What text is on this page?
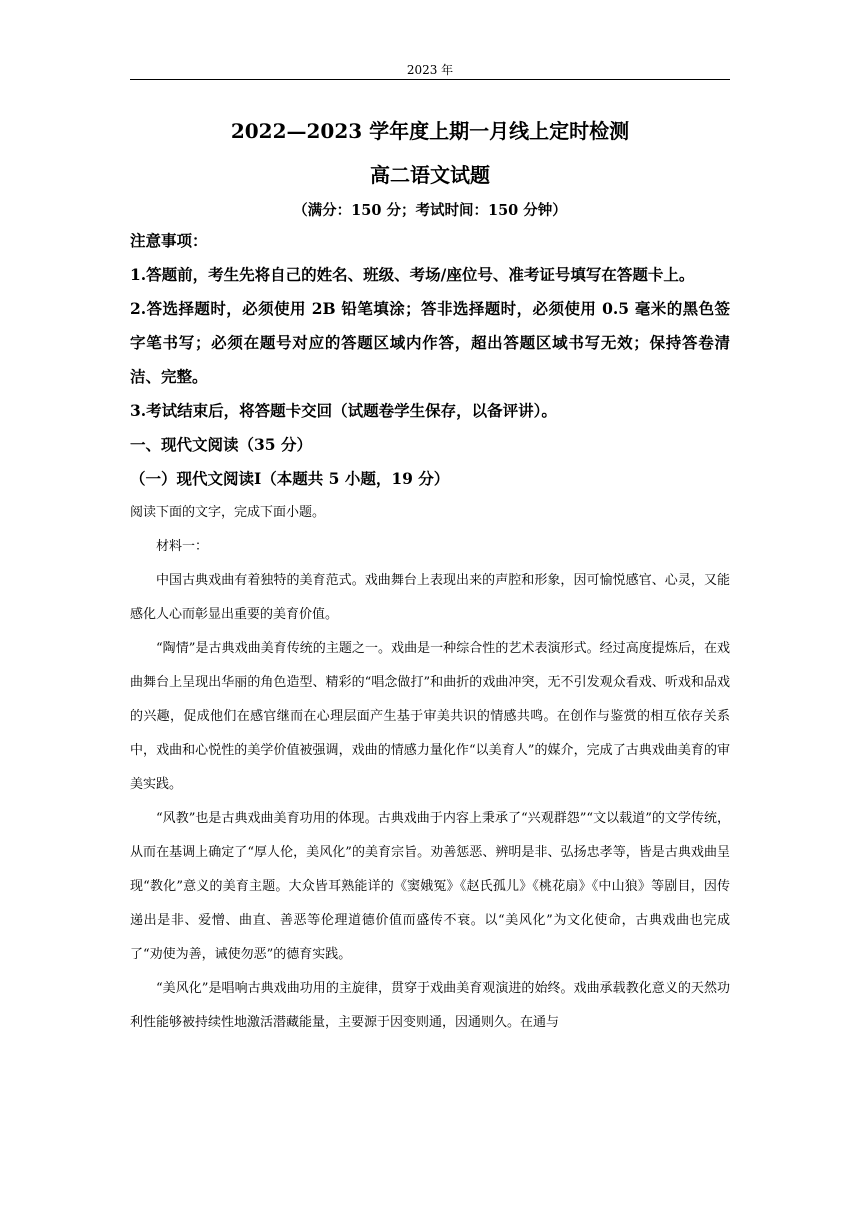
2023 年
2022—2023 学年度上期一月线上定时检测
高二语文试题
（满分：150 分；考试时间：150 分钟）
注意事项：
1.答题前，考生先将自己的姓名、班级、考场/座位号、准考证号填写在答题卡上。
2.答选择题时，必须使用 2B 铅笔填涂；答非选择题时，必须使用 0.5 毫米的黑色签字笔书写；必须在题号对应的答题区域内作答，超出答题区域书写无效；保持答卷清洁、完整。
3.考试结束后，将答题卡交回（试题卷学生保存，以备评讲）。
一、现代文阅读（35 分）
（一）现代文阅读Ⅰ（本题共 5 小题，19 分）
阅读下面的文字，完成下面小题。
材料一：
中国古典戏曲有着独特的美育范式。戏曲舞台上表现出来的声腔和形象，因可愉悦感官、心灵，又能感化人心而彰显出重要的美育价值。
“陶情”是古典戏曲美育传统的主题之一。戏曲是一种综合性的艺术表演形式。经过高度提炼后，在戏曲舞台上呈现出华丽的角色造型、精彩的“唱念做打”和曲折的戏曲冲突，无不引发观众看戏、听戏和品戏的兴趣，促成他们在感官继而在心理层面产生基于审美共识的情感共鸣。在创作与鉴赏的相互依存关系中，戏曲和心悦性的美学价值被强调，戏曲的情感力量化作“以美育人”的媒介，完成了古典戏曲美育的审美实践。
“风教”也是古典戏曲美育功用的体现。古典戏曲于内容上秉承了“兴观群怨”“文以载道”的文学传统，从而在基调上确定了“厚人伦，美风化”的美育宗旨。劝善惩恶、辨明是非、弘扬忠孝等，皆是古典戏曲呈现“教化”意义的美育主题。大众皆耳熟能详的《窦娥冤》《赵氏孤儿》《桃花扇》《中山狼》等剧目，因传递出是非、爱憎、曲直、善恶等伦理道德价值而盛传不衰。以“美风化”为文化使命，古典戏曲也完成了“劝使为善，诫使勿恶”的德育实践。
“美风化”是唱响古典戏曲功用的主旋律，贯穿于戏曲美育观演进的始终。戏曲承载教化意义的天然功利性能够被持续性地激活潜藏能量，主要源于因变则通，因通则久。在通与
